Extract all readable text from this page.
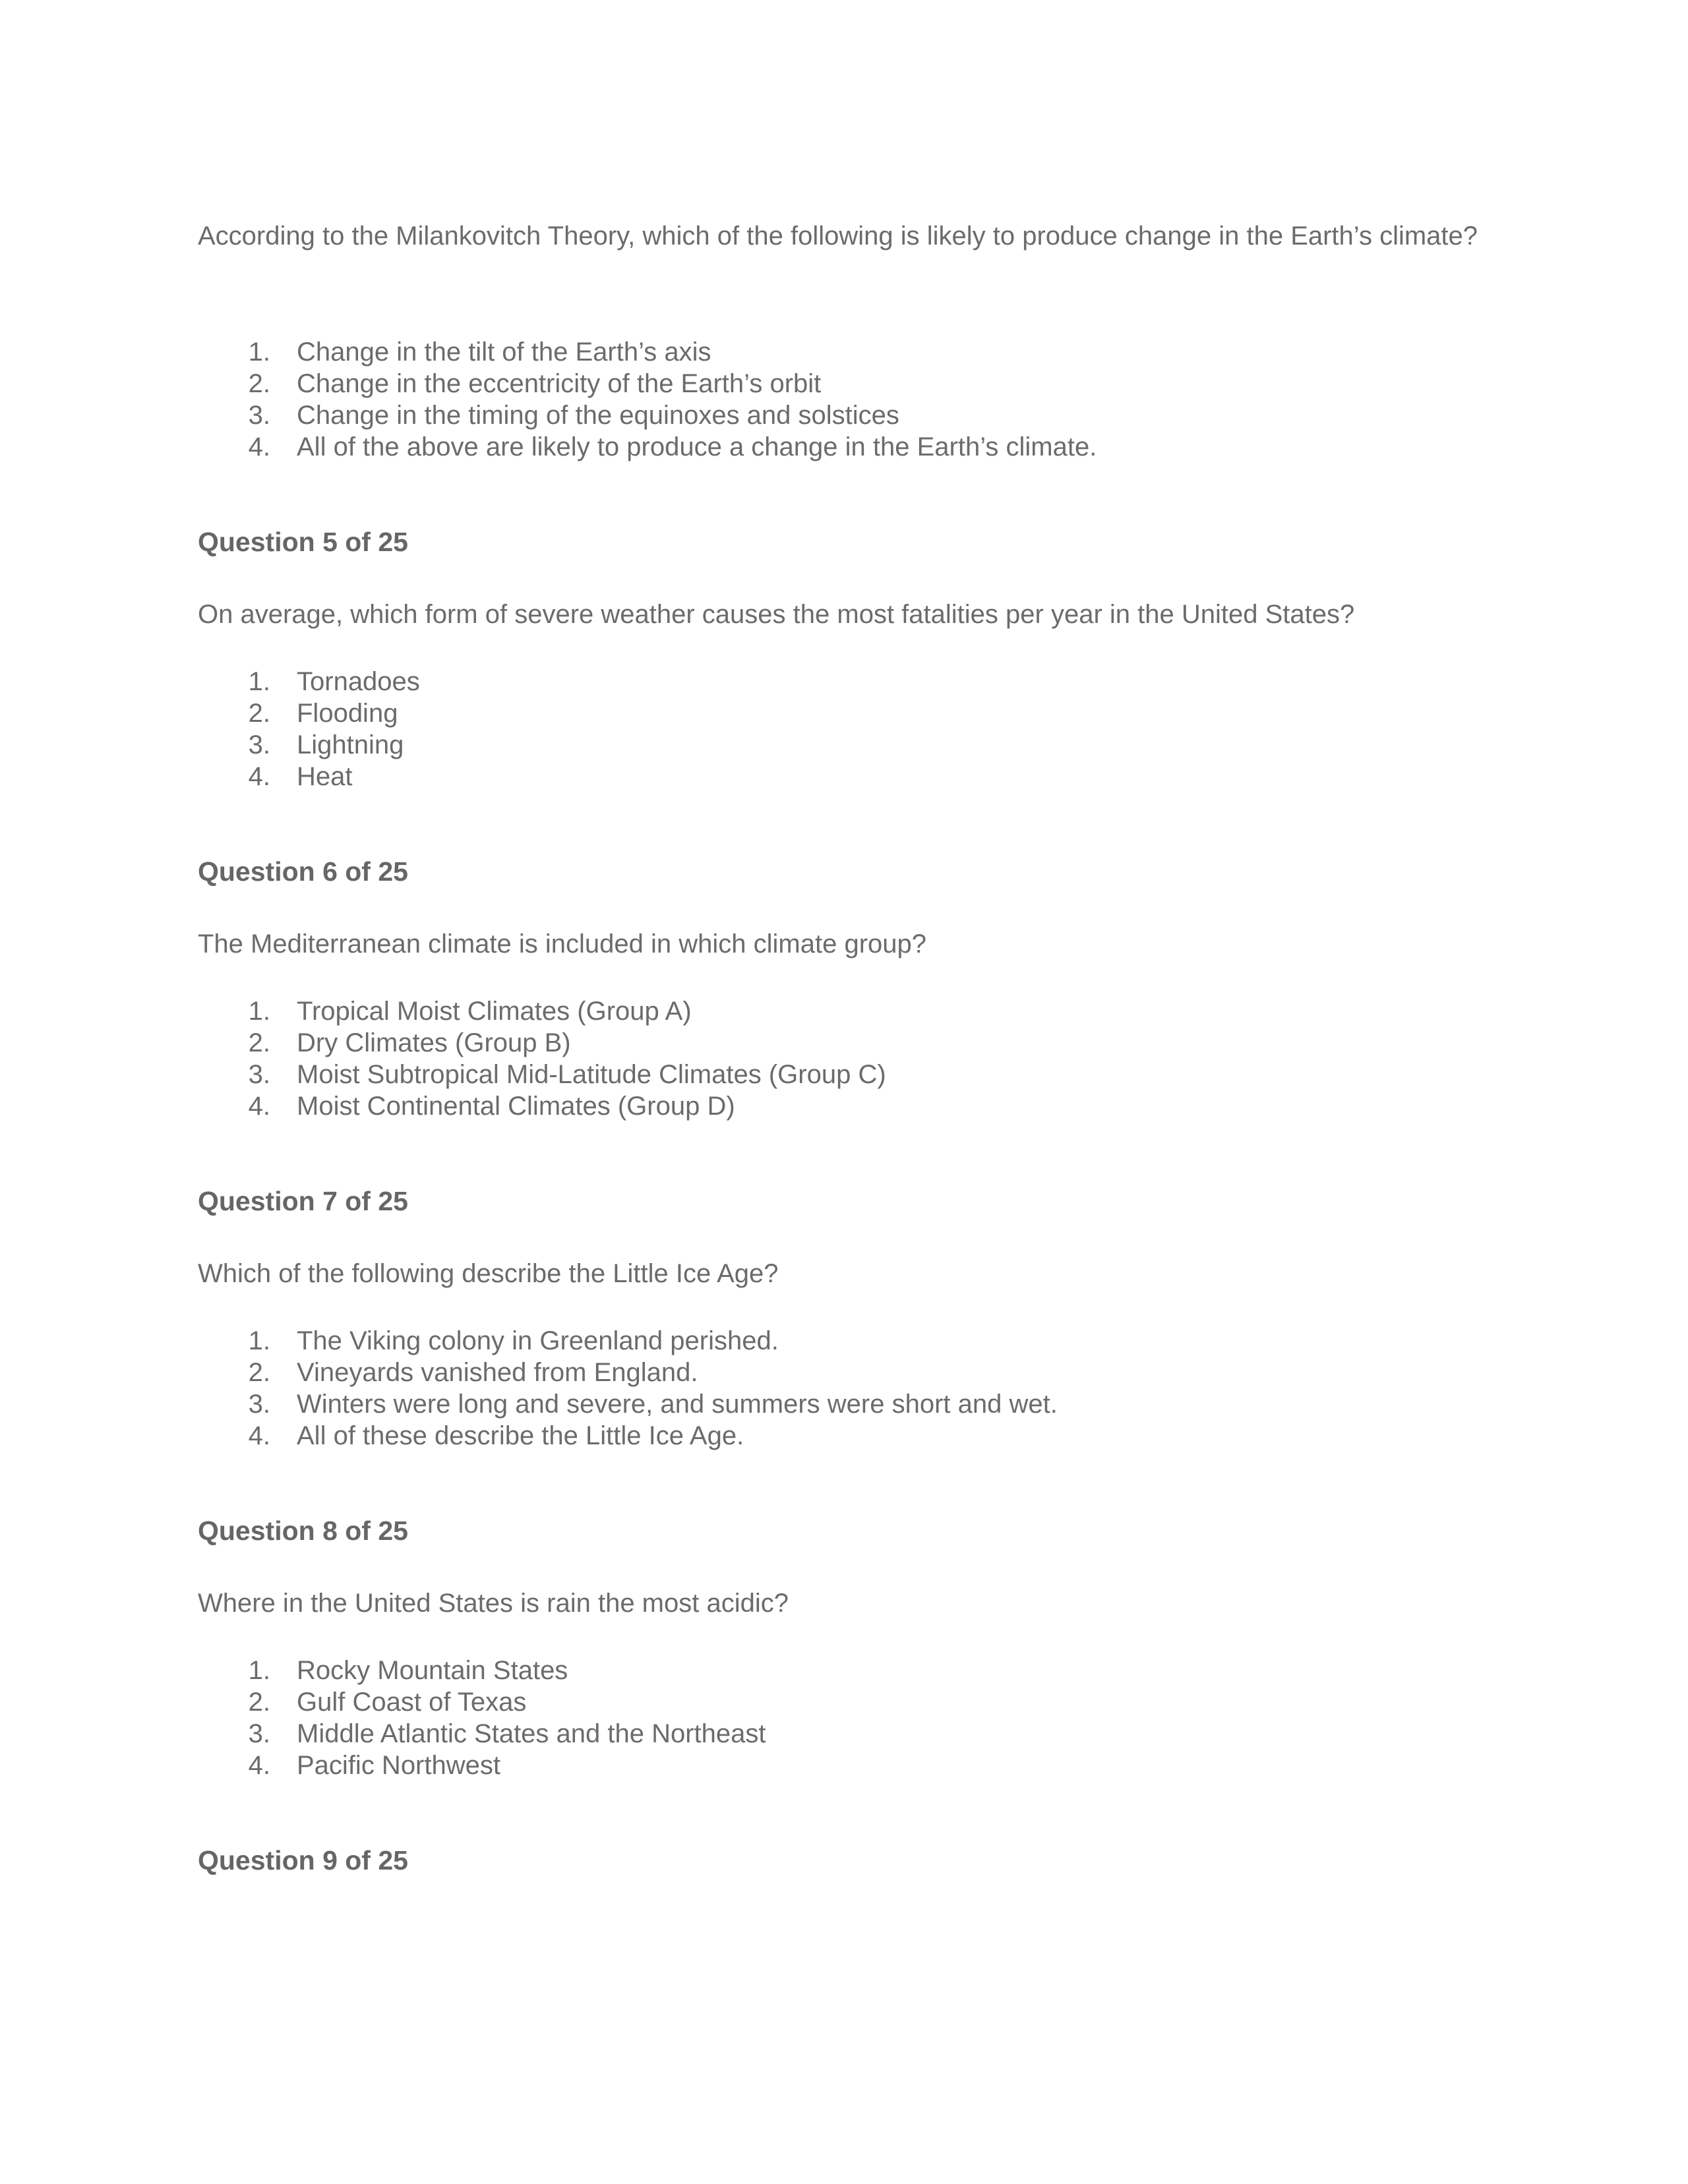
According to the Milankovitch Theory, which of the following is likely to produce change in the Earth’s climate?

1. Change in the tilt of the Earth’s axis
2. Change in the eccentricity of the Earth’s orbit
3. Change in the timing of the equinoxes and solstices
4. All of the above are likely to produce a change in the Earth’s climate.

Question 5 of 25

On average, which form of severe weather causes the most fatalities per year in the United States?

1. Tornadoes
2. Flooding
3. Lightning
4. Heat

Question 6 of 25

The Mediterranean climate is included in which climate group?

1. Tropical Moist Climates (Group A)
2. Dry Climates (Group B)
3. Moist Subtropical Mid-Latitude Climates (Group C)
4. Moist Continental Climates (Group D)

Question 7 of 25

Which of the following describe the Little Ice Age?

1. The Viking colony in Greenland perished.
2. Vineyards vanished from England.
3. Winters were long and severe, and summers were short and wet.
4. All of these describe the Little Ice Age.

Question 8 of 25

Where in the United States is rain the most acidic?

1. Rocky Mountain States
2. Gulf Coast of Texas
3. Middle Atlantic States and the Northeast
4. Pacific Northwest

Question 9 of 25
